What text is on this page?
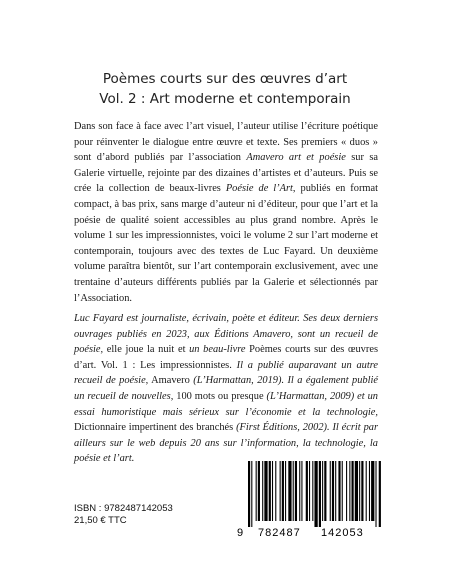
Poèmes courts sur des œuvres d’art
Vol. 2 : Art moderne et contemporain

Dans son face à face avec l’art visuel, l’auteur utilise l’écriture poétique pour réinventer le dialogue entre œuvre et texte. Ses premiers « duos » sont d’abord publiés par l’association Amavero art et poésie sur sa Galerie virtuelle, rejointe par des dizaines d’artistes et d’auteurs. Puis se crée la collection de beaux-livres Poésie de l’Art, publiés en format compact, à bas prix, sans marge d’auteur ni d’éditeur, pour que l’art et la poésie de qualité soient accessibles au plus grand nombre. Après le volume 1 sur les impressionnistes, voici le volume 2 sur l’art moderne et contemporain, toujours avec des textes de Luc Fayard. Un deuxième volume paraîtra bientôt, sur l’art contemporain exclusivement, avec une trentaine d’auteurs différents publiés par la Galerie et sélectionnés par l’Association.

Luc Fayard est journaliste, écrivain, poète et éditeur. Ses deux derniers ouvrages publiés en 2023, aux Éditions Amavero, sont un recueil de poésie, elle joue la nuit et un beau-livre Poèmes courts sur des œuvres d’art. Vol. 1 : Les impressionnistes. Il a publié auparavant un autre recueil de poésie, Amavero (L’Harmattan, 2019). Il a également publié un recueil de nouvelles, 100 mots ou presque (L’Harmattan, 2009) et un essai humoristique mais sérieux sur l’économie et la technologie, Dictionnaire impertinent des branchés (First Éditions, 2002). Il écrit par ailleurs sur le web depuis 20 ans sur l’information, la technologie, la poésie et l’art.

ISBN : 9782487142053
21,50 € TTC
9 782487 142053
